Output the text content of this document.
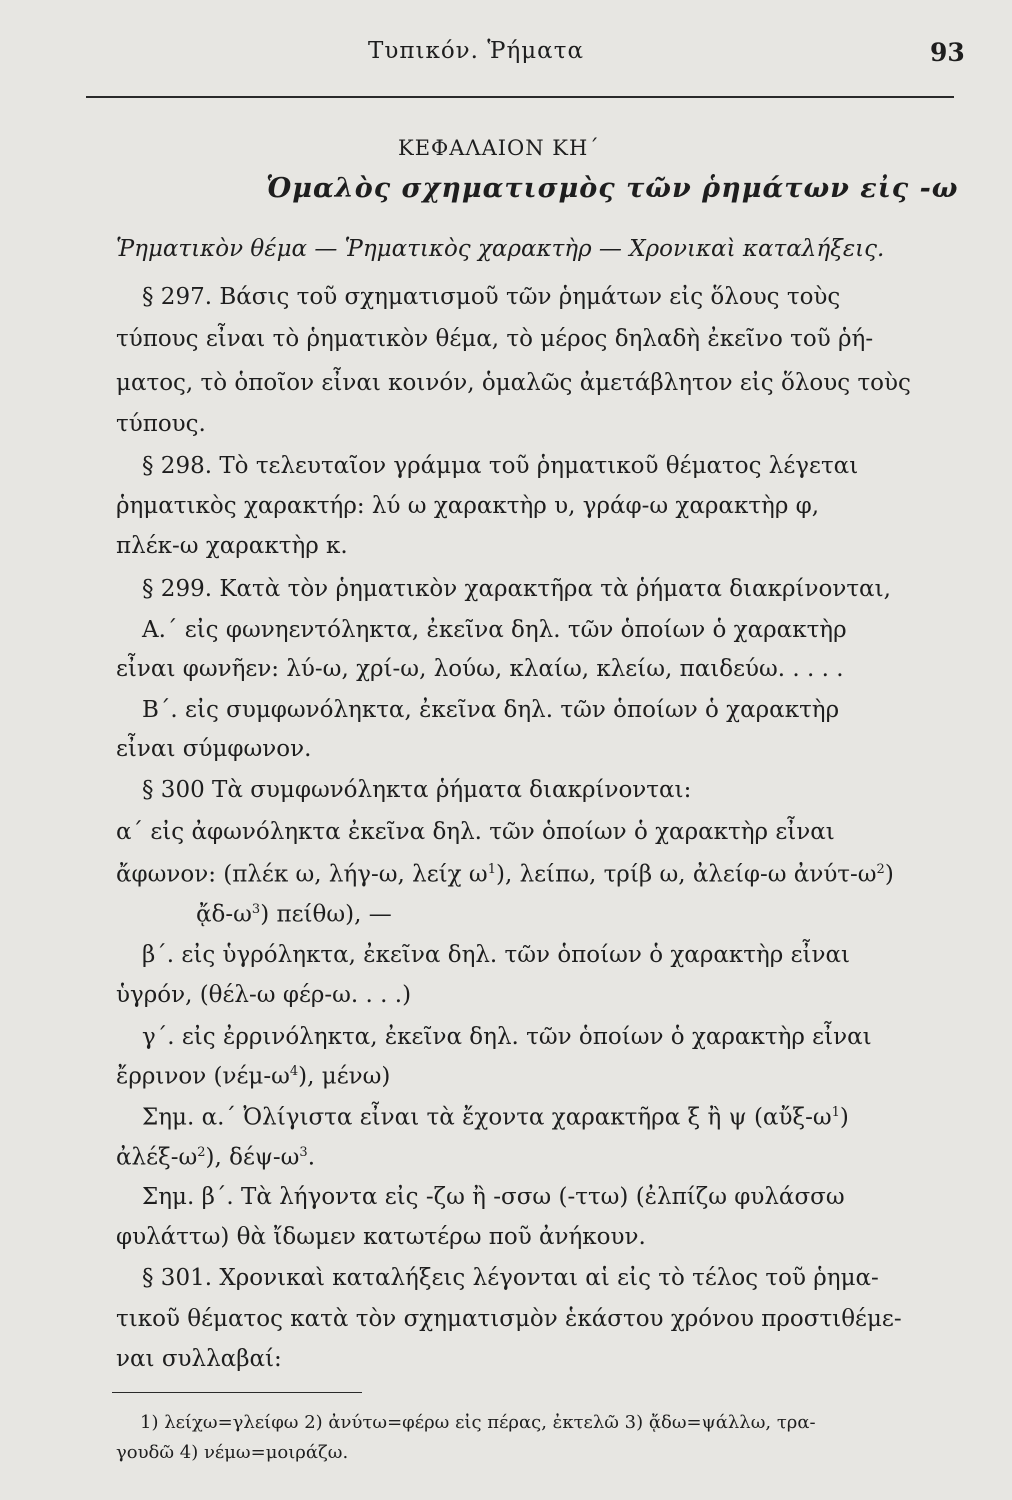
Τυπικόν. Ῥήματα	93
ΚΕΦΑΛΑΙΟΝ ΚΗ΄
Ὁμαλὸς σχηματισμὸς τῶν ῥημάτων εἰς -ω
Ῥηματικὸν θέμα — Ῥηματικὸς χαρακτὴρ — Χρονικαὶ καταλήξεις.
§ 297. Βάσις τοῦ σχηματισμοῦ τῶν ῥημάτων εἰς ὅλους τοὺς
τύπους εἶναι τὸ ῥηματικὸν θέμα, τὸ μέρος δηλαδὴ ἐκεῖνο τοῦ ῥή-
ματος, τὸ ὁποῖον εἶναι κοινόν, ὁμαλῶς ἀμετάβλητον εἰς ὅλους τοὺς
τύπους.
§ 298. Τὸ τελευταῖον γράμμα τοῦ ῥηματικοῦ θέματος λέγεται
ῥηματικὸς χαρακτήρ: λύ ω χαρακτὴρ υ, γράφ-ω χαρακτὴρ φ,
πλέκ-ω χαρακτὴρ κ.
§ 299. Κατὰ τὸν ῥηματικὸν χαρακτῆρα τὰ ῥήματα διακρίνονται,
Α.΄ εἰς φωνηεντόληκτα, ἐκεῖνα δηλ. τῶν ὁποίων ὁ χαρακτὴρ
εἶναι φωνῆεν: λύ-ω, χρί-ω, λούω, κλαίω, κλείω, παιδεύω. . . . .
Β΄. εἰς συμφωνόληκτα, ἐκεῖνα δηλ. τῶν ὁποίων ὁ χαρακτὴρ
εἶναι σύμφωνον.
§ 300 Τὰ συμφωνόληκτα ῥήματα διακρίνονται:
α΄ εἰς ἀφωνόληκτα ἐκεῖνα δηλ. τῶν ὁποίων ὁ χαρακτὴρ εἶναι
ἄφωνον: (πλέκ ω, λήγ-ω, λείχ $\omega^1$), λείπω, τρίβ ω, ἀλείφ-ω ἀνύτ-$\omega^2$)
$ᾄ\delta-\omega^3$) πείθω), —
β΄. εἰς ὑγρόληκτα, ἐκεῖνα δηλ. τῶν ὁποίων ὁ χαρακτὴρ εἶναι
ὑγρόν, (θέλ-ω φέρ-ω. . . .)
γ΄. εἰς ἐρρινόληκτα, ἐκεῖνα δηλ. τῶν ὁποίων ὁ χαρακτὴρ εἶναι
ἔρρινον $(\nu έ\mu-\omega^4)$, μένω)
Σημ. α.΄ Ὀλίγιστα εἶναι τὰ ἔχοντα χαρακτῆρα ξ ἢ ψ $(\alpha ὔ\xi-\omega^1)$
ἀλέξ-$\omega^2$), δέψ-$\omega^3$.
Σημ. β΄. Τὰ λήγοντα εἰς -ζω ἢ -σσω (-ττω) (ἐλπίζω φυλάσσω
φυλάττω) θὰ ἴδωμεν κατωτέρω ποῦ ἀνήκουν.
§ 301. Χρονικαὶ καταλήξεις λέγονται αἱ εἰς τὸ τέλος τοῦ ῥημα-
τικοῦ θέματος κατὰ τὸν σχηματισμὸν ἑκάστου χρόνου προστιθέμε-
ναι συλλαβαί:
1) λείχω=γλείφω 2) ἀνύτω=φέρω εἰς πέρας, ἐκτελῶ 3) ᾄδω=ψάλλω, τρα-
γουδῶ 4) νέμω=μοιράζω.
